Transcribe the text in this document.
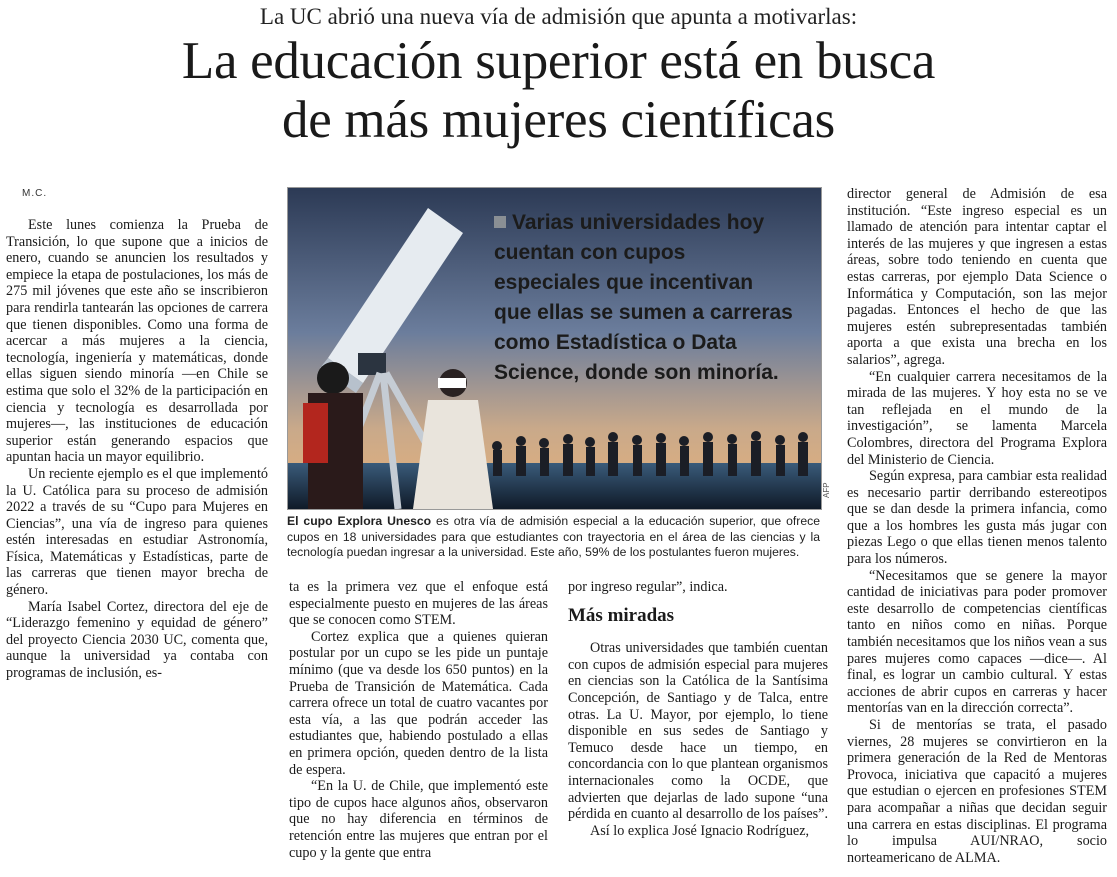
La UC abrió una nueva vía de admisión que apunta a motivarlas:
La educación superior está en busca
de más mujeres científicas
M.C.

Este lunes comienza la Prueba de Transición, lo que supone que a inicios de enero, cuando se anuncien los resultados y empiece la etapa de postulaciones, los más de 275 mil jóvenes que este año se inscribieron para rendirla tantearán las opciones de carrera que tienen disponibles. Como una forma de acercar a más mujeres a la ciencia, tecnología, ingeniería y matemáticas, donde ellas siguen siendo minoría —en Chile se estima que solo el 32% de la participación en ciencia y tecnología es desarrollada por mujeres—, las instituciones de educación superior están generando espacios que apuntan hacia un mayor equilibrio.

Un reciente ejemplo es el que implementó la U. Católica para su proceso de admisión 2022 a través de su “Cupo para Mujeres en Ciencias”, una vía de ingreso para quienes estén interesadas en estudiar Astronomía, Física, Matemáticas y Estadísticas, parte de las carreras que tienen mayor brecha de género.

María Isabel Cortez, directora del eje de “Liderazgo femenino y equidad de género” del proyecto Ciencia 2030 UC, comenta que, aunque la universidad ya contaba con programas de inclusión, es-

Varias universidades hoy cuentan con cupos especiales que incentivan que ellas se sumen a carreras como Estadística o Data Science, donde son minoría.
AFP
El cupo Explora Unesco es otra vía de admisión especial a la educación superior, que ofrece cupos en 18 universidades para que estudiantes con trayectoria en el área de las ciencias y la tecnología puedan ingresar a la universidad. Este año, 59% de los postulantes fueron mujeres.

ta es la primera vez que el enfoque está especialmente puesto en mujeres de las áreas que se conocen como STEM.

Cortez explica que a quienes quieran postular por un cupo se les pide un puntaje mínimo (que va desde los 650 puntos) en la Prueba de Transición de Matemática. Cada carrera ofrece un total de cuatro vacantes por esta vía, a las que podrán acceder las estudiantes que, habiendo postulado a ellas en primera opción, queden dentro de la lista de espera.

“En la U. de Chile, que implementó este tipo de cupos hace algunos años, observaron que no hay diferencia en términos de retención entre las mujeres que entran por el cupo y la gente que entra

por ingreso regular”, indica.

Más miradas

Otras universidades que también cuentan con cupos de admisión especial para mujeres en ciencias son la Católica de la Santísima Concepción, de Santiago y de Talca, entre otras. La U. Mayor, por ejemplo, lo tiene disponible en sus sedes de Santiago y Temuco desde hace un tiempo, en concordancia con lo que plantean organismos internacionales como la OCDE, que advierten que dejarlas de lado supone “una pérdida en cuanto al desarrollo de los países”.

Así lo explica José Ignacio Rodríguez,

director general de Admisión de esa institución. “Este ingreso especial es un llamado de atención para intentar captar el interés de las mujeres y que ingresen a estas áreas, sobre todo teniendo en cuenta que estas carreras, por ejemplo Data Science o Informática y Computación, son las mejor pagadas. Entonces el hecho de que las mujeres estén subrepresentadas también aporta a que exista una brecha en los salarios”, agrega.

“En cualquier carrera necesitamos de la mirada de las mujeres. Y hoy esta no se ve tan reflejada en el mundo de la investigación”, se lamenta Marcela Colombres, directora del Programa Explora del Ministerio de Ciencia.

Según expresa, para cambiar esta realidad es necesario partir derribando estereotipos que se dan desde la primera infancia, como que a los hombres les gusta más jugar con piezas Lego o que ellas tienen menos talento para los números.

“Necesitamos que se genere la mayor cantidad de iniciativas para poder promover este desarrollo de competencias científicas tanto en niños como en niñas. Porque también necesitamos que los niños vean a sus pares mujeres como capaces —dice—. Al final, es lograr un cambio cultural. Y estas acciones de abrir cupos en carreras y hacer mentorías van en la dirección correcta”.

Si de mentorías se trata, el pasado viernes, 28 mujeres se convirtieron en la primera generación de la Red de Mentoras Provoca, iniciativa que capacitó a mujeres que estudian o ejercen en profesiones STEM para acompañar a niñas que decidan seguir una carrera en estas disciplinas. El programa lo impulsa AUI/NRAO, socio norteamericano de ALMA.
